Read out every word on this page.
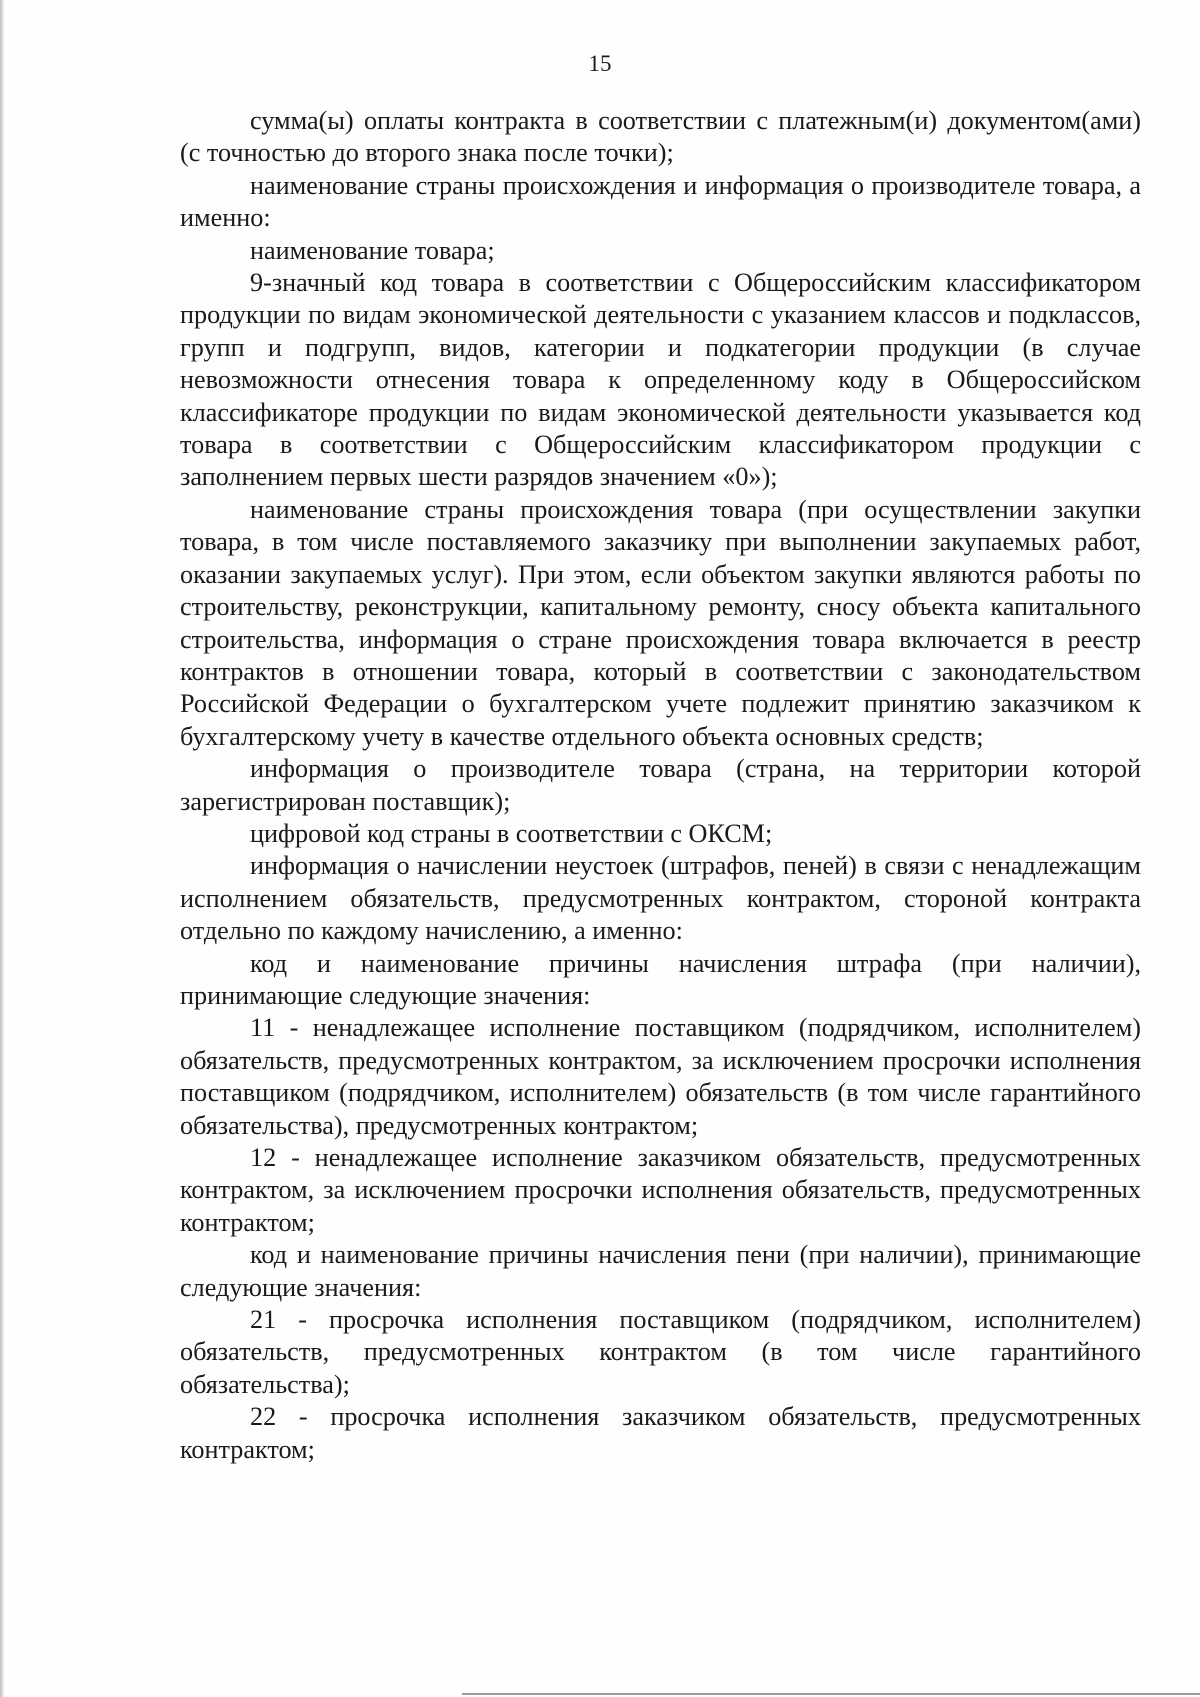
15

сумма(ы) оплаты контракта в соответствии с платежным(и) документом(ами) (с точностью до второго знака после точки);

наименование страны происхождения и информация о производителе товара, а именно:

наименование товара;

9-значный код товара в соответствии с Общероссийским классификатором продукции по видам экономической деятельности с указанием классов и подклассов, групп и подгрупп, видов, категории и подкатегории продукции (в случае невозможности отнесения товара к определенному коду в Общероссийском классификаторе продукции по видам экономической деятельности указывается код товара в соответствии с Общероссийским классификатором продукции с заполнением первых шести разрядов значением «0»);

наименование страны происхождения товара (при осуществлении закупки товара, в том числе поставляемого заказчику при выполнении закупаемых работ, оказании закупаемых услуг). При этом, если объектом закупки являются работы по строительству, реконструкции, капитальному ремонту, сносу объекта капитального строительства, информация о стране происхождения товара включается в реестр контрактов в отношении товара, который в соответствии с законодательством Российской Федерации о бухгалтерском учете подлежит принятию заказчиком к бухгалтерскому учету в качестве отдельного объекта основных средств;

информация о производителе товара (страна, на территории которой зарегистрирован поставщик);

цифровой код страны в соответствии с ОКСМ;

информация о начислении неустоек (штрафов, пеней) в связи с ненадлежащим исполнением обязательств, предусмотренных контрактом, стороной контракта отдельно по каждому начислению, а именно:

код и наименование причины начисления штрафа (при наличии), принимающие следующие значения:

11 - ненадлежащее исполнение поставщиком (подрядчиком, исполнителем) обязательств, предусмотренных контрактом, за исключением просрочки исполнения поставщиком (подрядчиком, исполнителем) обязательств (в том числе гарантийного обязательства), предусмотренных контрактом;

12 - ненадлежащее исполнение заказчиком обязательств, предусмотренных контрактом, за исключением просрочки исполнения обязательств, предусмотренных контрактом;

код и наименование причины начисления пени (при наличии), принимающие следующие значения:

21 - просрочка исполнения поставщиком (подрядчиком, исполнителем) обязательств, предусмотренных контрактом (в том числе гарантийного обязательства);

22 - просрочка исполнения заказчиком обязательств, предусмотренных контрактом;
